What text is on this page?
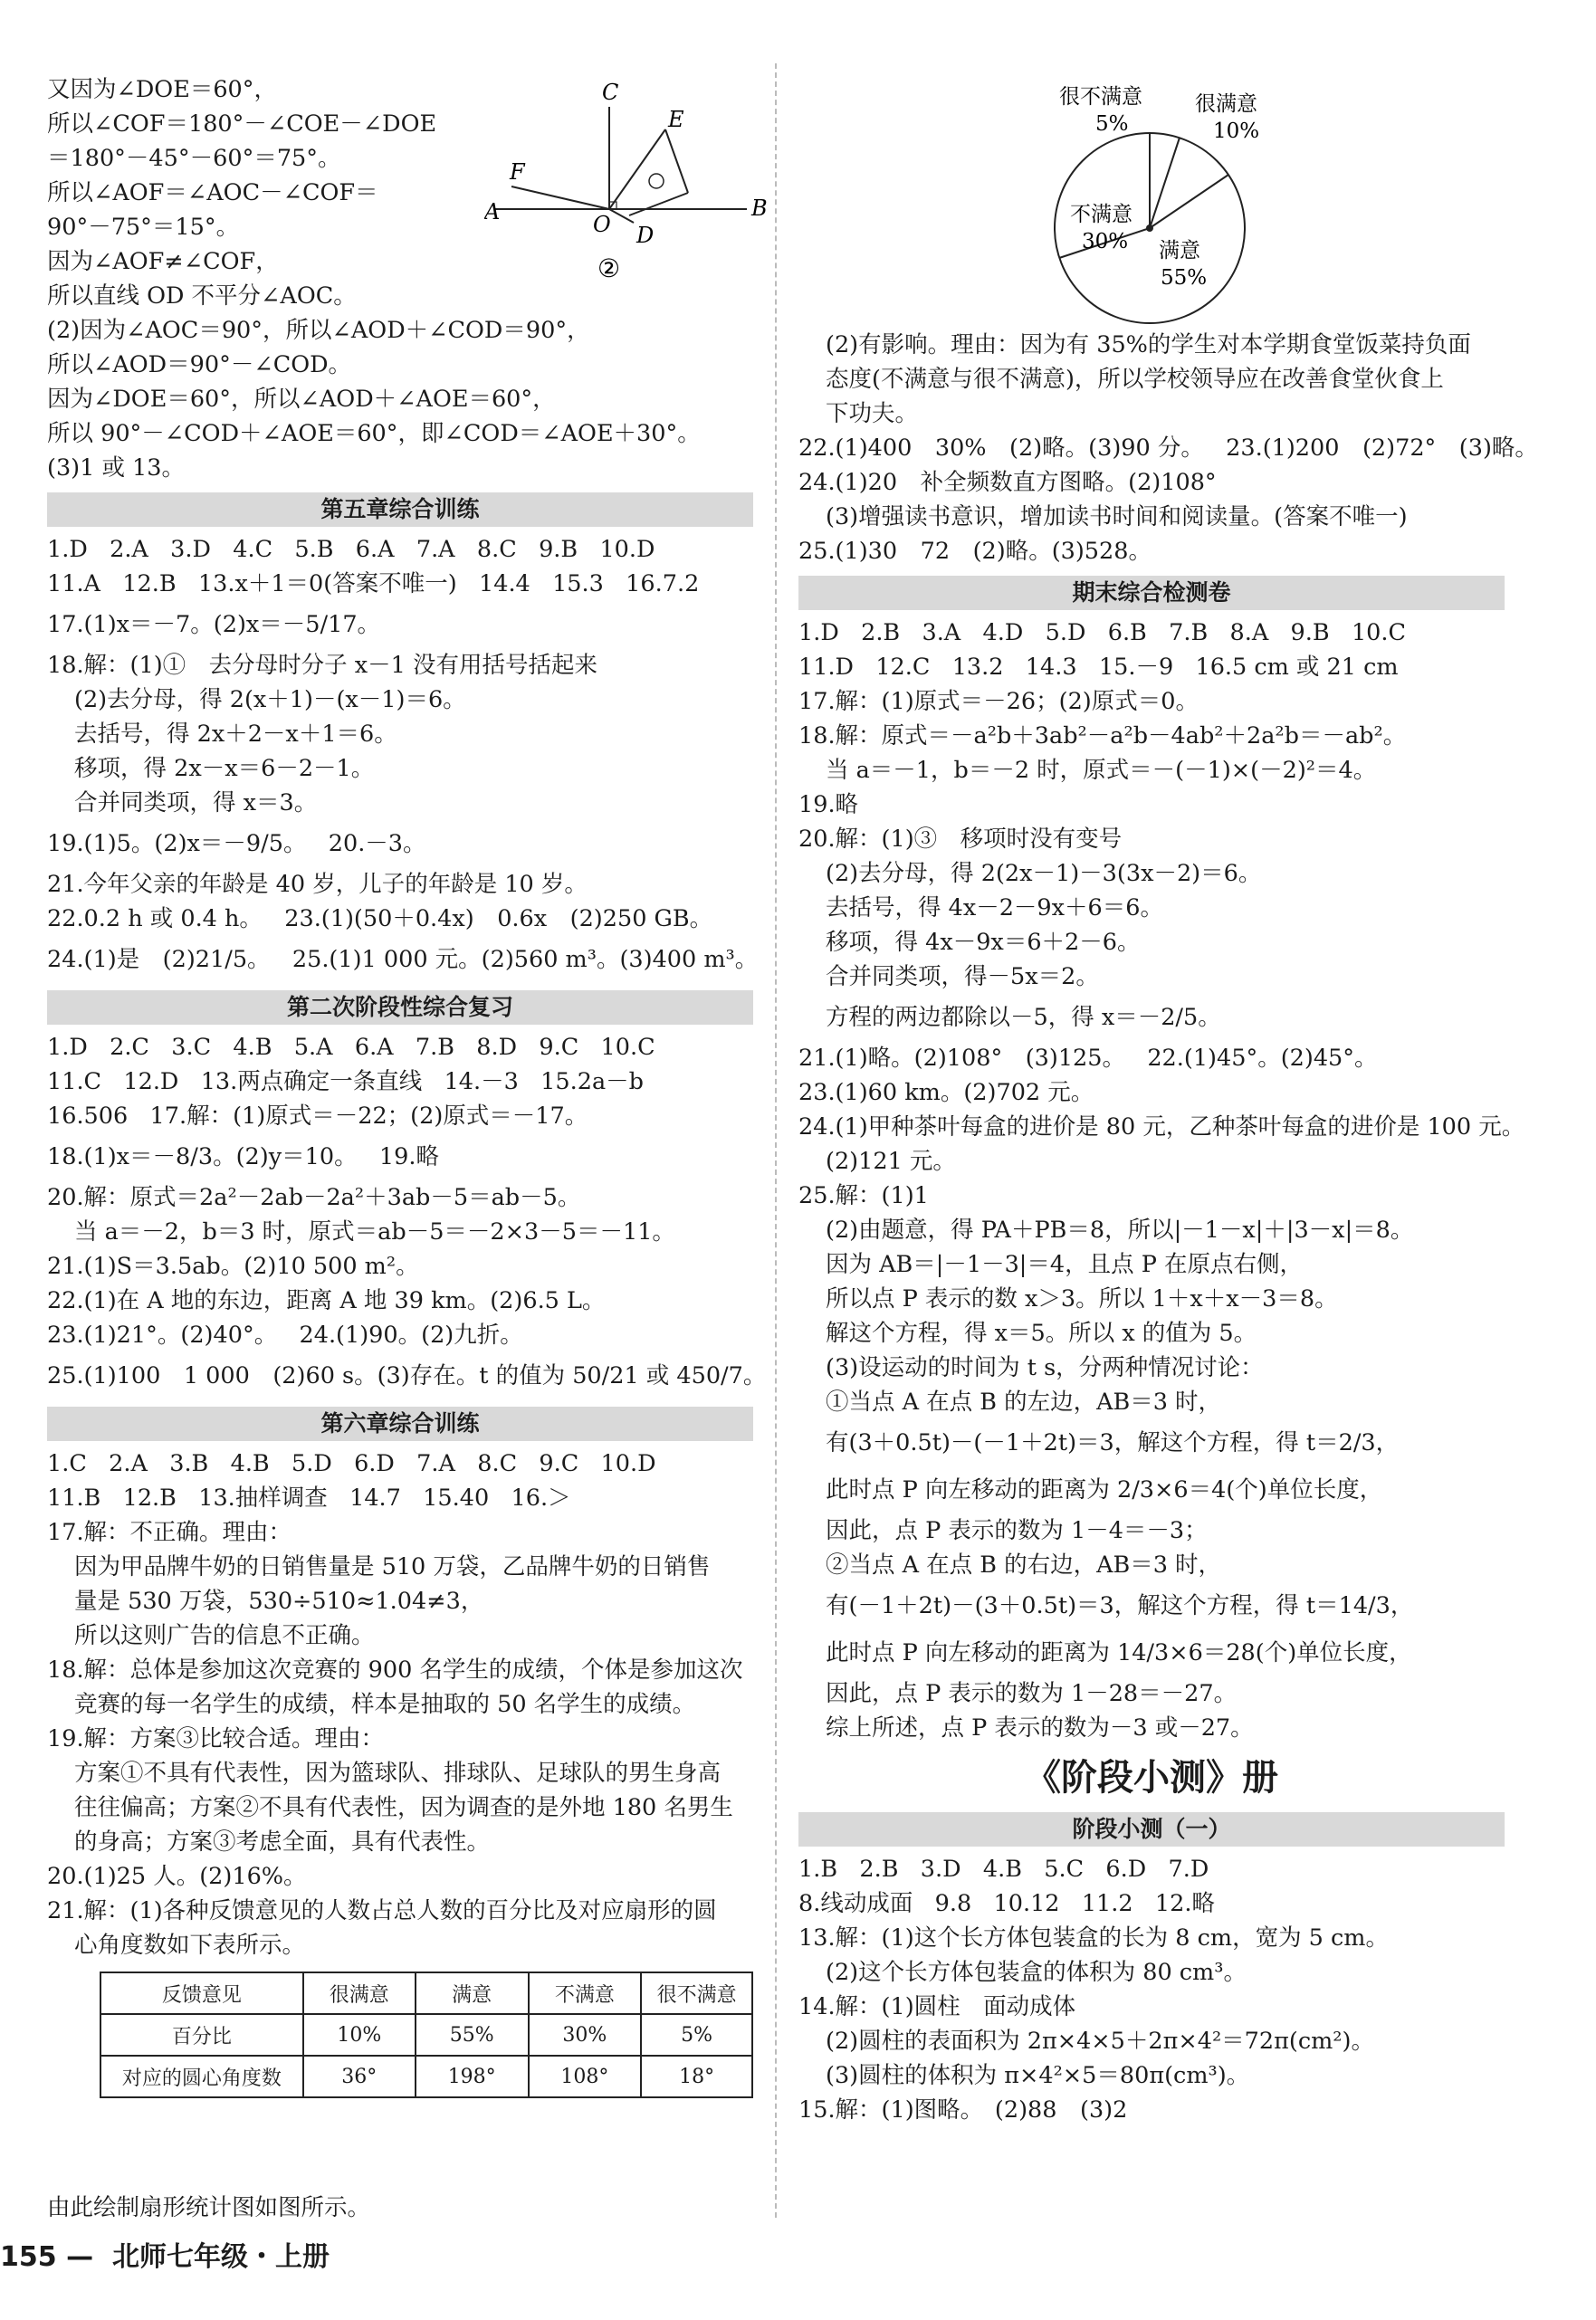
C
E
F
A	O
B
D
②
又因为∠DOE＝60°，
所以∠COF＝180°－∠COE－∠DOE
＝180°－45°－60°＝75°。
所以∠AOF＝∠AOC－∠COF＝
90°－75°＝15°。
因为∠AOF≠∠COF，
所以直线 OD 不平分∠AOC。
(2)因为∠AOC＝90°，所以∠AOD＋∠COD＝90°，
所以∠AOD＝90°－∠COD。
因为∠DOE＝60°，所以∠AOD＋∠AOE＝60°，
所以 90°－∠COD＋∠AOE＝60°，即∠COD＝∠AOE＋30°。
(3)1 或 13。
第五章综合训练
1.D   2.A   3.D   4.C   5.B   6.A   7.A   8.C   9.B   10.D
11.A   12.B   13.x＋1＝0(答案不唯一)   14.4   15.3   16.7.2
17.(1)x＝－7。(2)x＝－5/17。
18.解：(1)①　去分母时分子 x－1 没有用括号括起来
(2)去分母，得 2(x＋1)－(x－1)＝6。
去括号，得 2x＋2－x＋1＝6。
移项，得 2x－x＝6－2－1。
合并同类项，得 x＝3。
19.(1)5。(2)x＝－9/5。   20.－3。
21.今年父亲的年龄是 40 岁，儿子的年龄是 10 岁。
22.0.2 h 或 0.4 h。   23.(1)(50＋0.4x)　0.6x　(2)250 GB。
24.(1)是　(2)21/5。   25.(1)1 000 元。(2)560 m³。(3)400 m³。
第二次阶段性综合复习
1.D   2.C   3.C   4.B   5.A   6.A   7.B   8.D   9.C   10.C
11.C   12.D   13.两点确定一条直线   14.－3   15.2a－b
16.506   17.解：(1)原式＝－22；(2)原式＝－17。
18.(1)x＝－8/3。(2)y＝10。   19.略
20.解：原式＝2a²－2ab－2a²＋3ab－5＝ab－5。
当 a＝－2，b＝3 时，原式＝ab－5＝－2×3－5＝－11。
21.(1)S＝3.5ab。(2)10 500 m²。
22.(1)在 A 地的东边，距离 A 地 39 km。(2)6.5 L。
23.(1)21°。(2)40°。   24.(1)90。(2)九折。
25.(1)100　1 000　(2)60 s。(3)存在。t 的值为 50/21 或 450/7。
第六章综合训练
1.C   2.A   3.B   4.B   5.D   6.D   7.A   8.C   9.C   10.D
11.B   12.B   13.抽样调查   14.7   15.40   16.＞
17.解：不正确。理由：
因为甲品牌牛奶的日销售量是 510 万袋，乙品牌牛奶的日销售
量是 530 万袋，530÷510≈1.04≠3，
所以这则广告的信息不正确。
18.解：总体是参加这次竞赛的 900 名学生的成绩，个体是参加这次
竞赛的每一名学生的成绩，样本是抽取的 50 名学生的成绩。
19.解：方案③比较合适。理由：
方案①不具有代表性，因为篮球队、排球队、足球队的男生身高
往往偏高；方案②不具有代表性，因为调查的是外地 180 名男生
的身高；方案③考虑全面，具有代表性。
20.(1)25 人。(2)16%。
21.解：(1)各种反馈意见的人数占总人数的百分比及对应扇形的圆
心角度数如下表所示。
反馈意见	很满意	满意	不满意	很不满意
百分比	10%	55%	30%	5%
对应的圆心角度数	36°	198°	108°	18°
由此绘制扇形统计图如图所示。
很不满意
5%
很满意
10%
不满意
30% 满意
55%
(2)有影响。理由：因为有 35%的学生对本学期食堂饭菜持负面
态度(不满意与很不满意)，所以学校领导应在改善食堂伙食上
下功夫。
22.(1)400　30%　(2)略。(3)90 分。   23.(1)200　(2)72°　(3)略。
24.(1)20　补全频数直方图略。(2)108°
(3)增强读书意识，增加读书时间和阅读量。(答案不唯一)
25.(1)30　72　(2)略。(3)528。
期末综合检测卷
1.D   2.B   3.A   4.D   5.D   6.B   7.B   8.A   9.B   10.C
11.D   12.C   13.2   14.3   15.－9   16.5 cm 或 21 cm
17.解：(1)原式＝－26；(2)原式＝0。
18.解：原式＝－a²b＋3ab²－a²b－4ab²＋2a²b＝－ab²。
当 a＝－1，b＝－2 时，原式＝－(－1)×(－2)²＝4。
19.略
20.解：(1)③　移项时没有变号
(2)去分母，得 2(2x－1)－3(3x－2)＝6。
去括号，得 4x－2－9x＋6＝6。
移项，得 4x－9x＝6＋2－6。
合并同类项，得－5x＝2。
方程的两边都除以－5，得 x＝－2/5。
21.(1)略。(2)108°　(3)125。   22.(1)45°。(2)45°。
23.(1)60 km。(2)702 元。
24.(1)甲种茶叶每盒的进价是 80 元，乙种茶叶每盒的进价是 100 元。
(2)121 元。
25.解：(1)1
(2)由题意，得 PA＋PB＝8，所以|－1－x|＋|3－x|＝8。
因为 AB＝|－1－3|＝4，且点 P 在原点右侧，
所以点 P 表示的数 x＞3。所以 1＋x＋x－3＝8。
解这个方程，得 x＝5。所以 x 的值为 5。
(3)设运动的时间为 t s，分两种情况讨论：
①当点 A 在点 B 的左边，AB＝3 时，
有(3＋0.5t)－(－1＋2t)＝3，解这个方程，得 t＝2/3，
此时点 P 向左移动的距离为 2/3×6＝4(个)单位长度，
因此，点 P 表示的数为 1－4＝－3；
②当点 A 在点 B 的右边，AB＝3 时，
有(－1＋2t)－(3＋0.5t)＝3，解这个方程，得 t＝14/3，
此时点 P 向左移动的距离为 14/3×6＝28(个)单位长度，
因此，点 P 表示的数为 1－28＝－27。
综上所述，点 P 表示的数为－3 或－27。
《阶段小测》册
阶段小测（一）
1.B   2.B   3.D   4.B   5.C   6.D   7.D
8.线动成面   9.8   10.12   11.2   12.略
13.解：(1)这个长方体包装盒的长为 8 cm，宽为 5 cm。
(2)这个长方体包装盒的体积为 80 cm³。
14.解：(1)圆柱　面动成体
(2)圆柱的表面积为 2π×4×5＋2π×4²＝72π(cm²)。
(3)圆柱的体积为 π×4²×5＝80π(cm³)。
15.解：(1)图略。　(2)88　(3)2
155 —  北师七年级・上册
